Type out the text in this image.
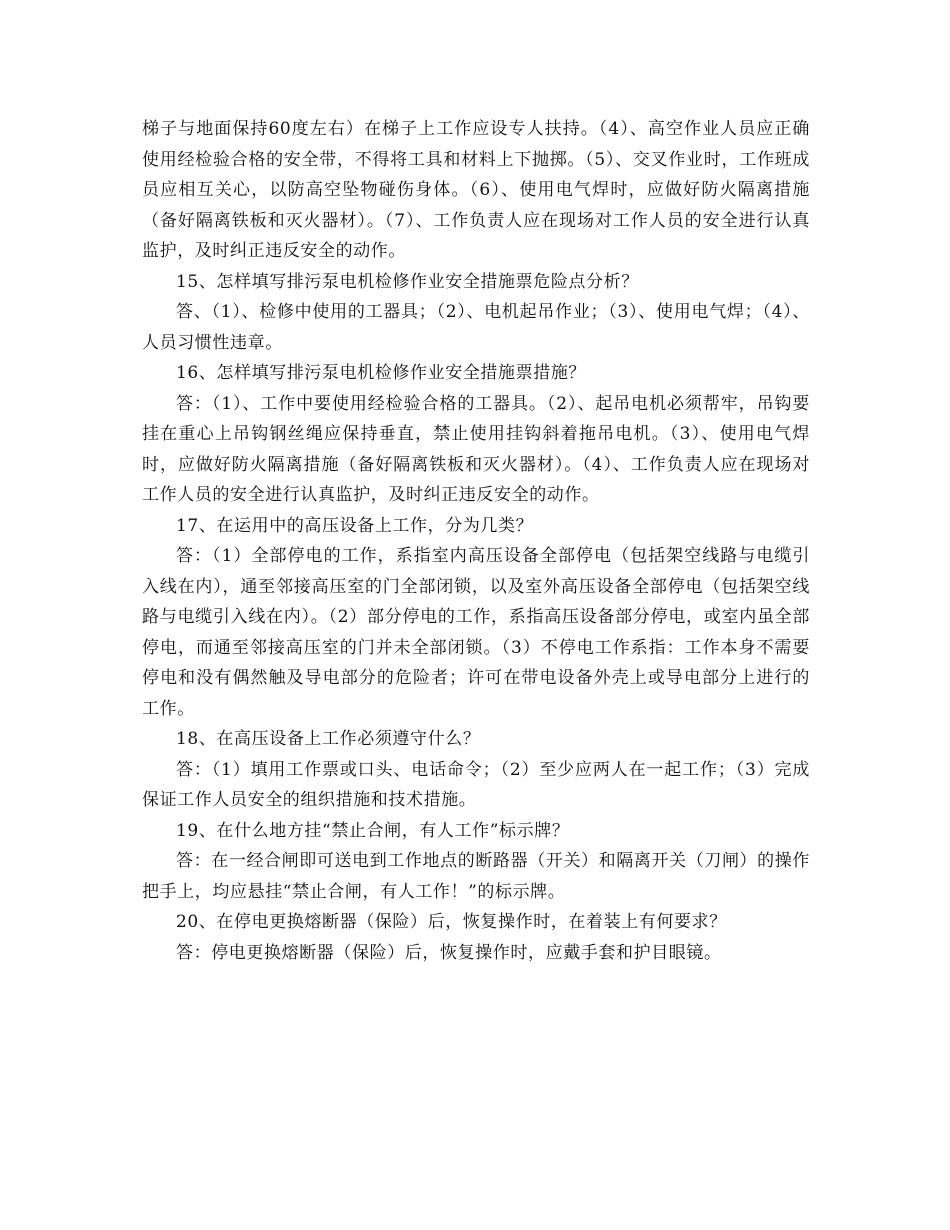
梯子与地面保持60度左右）在梯子上工作应设专人扶持。（4）、高空作业人员应正确使用经检验合格的安全带，不得将工具和材料上下抛掷。（5）、交叉作业时，工作班成员应相互关心，以防高空坠物碰伤身体。（6）、使用电气焊时，应做好防火隔离措施（备好隔离铁板和灭火器材）。（7）、工作负责人应在现场对工作人员的安全进行认真监护，及时纠正违反安全的动作。

15、怎样填写排污泵电机检修作业安全措施票危险点分析？

答、（1）、检修中使用的工器具；（2）、电机起吊作业；（3）、使用电气焊；（4）、人员习惯性违章。

16、怎样填写排污泵电机检修作业安全措施票措施？

答：（1）、工作中要使用经检验合格的工器具。（2）、起吊电机必须帮牢，吊钩要挂在重心上吊钩钢丝绳应保持垂直，禁止使用挂钩斜着拖吊电机。（3）、使用电气焊时，应做好防火隔离措施（备好隔离铁板和灭火器材）。（4）、工作负责人应在现场对工作人员的安全进行认真监护，及时纠正违反安全的动作。

17、在运用中的高压设备上工作，分为几类？

答：（1）全部停电的工作，系指室内高压设备全部停电（包括架空线路与电缆引入线在内），通至邻接高压室的门全部闭锁，以及室外高压设备全部停电（包括架空线路与电缆引入线在内）。（2）部分停电的工作，系指高压设备部分停电，或室内虽全部停电，而通至邻接高压室的门并未全部闭锁。（3）不停电工作系指：工作本身不需要停电和没有偶然触及导电部分的危险者；许可在带电设备外壳上或导电部分上进行的工作。

18、在高压设备上工作必须遵守什么？

答：（1）填用工作票或口头、电话命令；（2）至少应两人在一起工作；（3）完成保证工作人员安全的组织措施和技术措施。

19、在什么地方挂“禁止合闸，有人工作”标示牌？

答：在一经合闸即可送电到工作地点的断路器（开关）和隔离开关（刀闸）的操作把手上，均应悬挂“禁止合闸，有人工作！”的标示牌。

20、在停电更换熔断器（保险）后，恢复操作时，在着装上有何要求？

答：停电更换熔断器（保险）后，恢复操作时，应戴手套和护目眼镜。
